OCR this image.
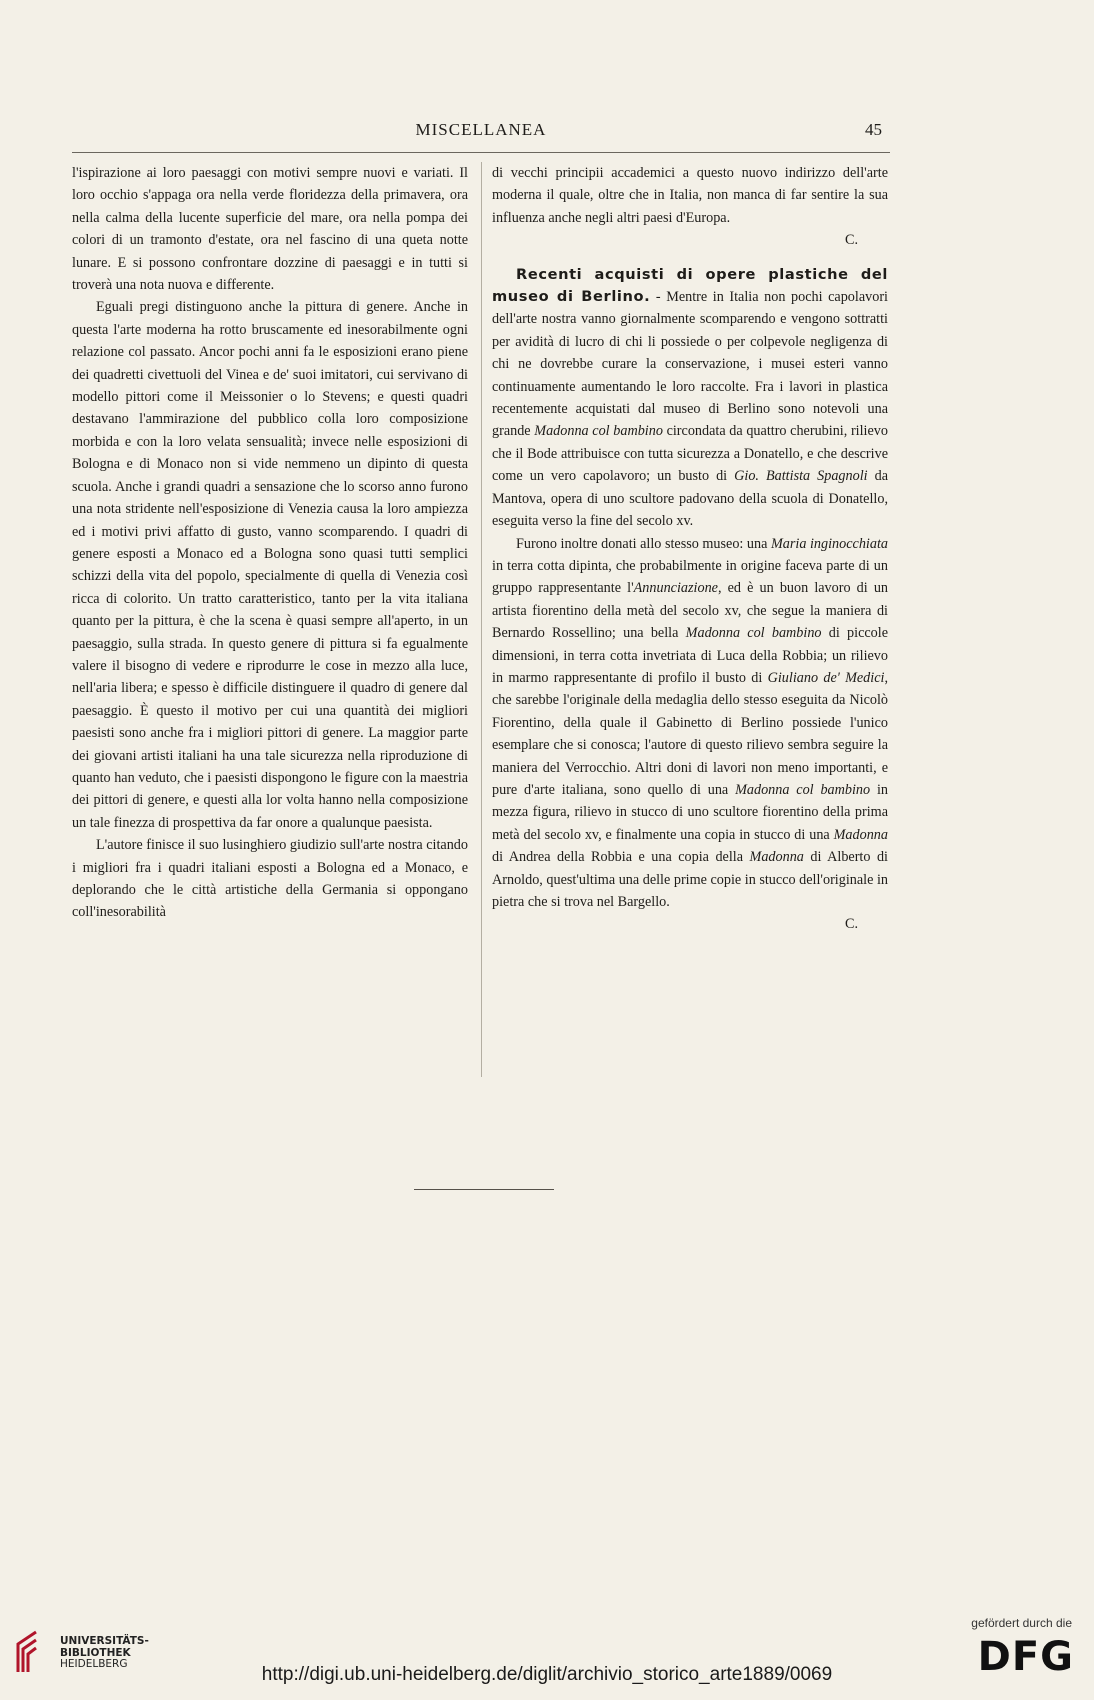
MISCELLANEA	45

l'ispirazione ai loro paesaggi con motivi sempre nuovi e variati. Il loro occhio s'appaga ora nella verde floridezza della primavera, ora nella calma della lucente superficie del mare, ora nella pompa dei colori di un tramonto d'estate, ora nel fascino di una queta notte lunare. E si possono confrontare dozzine di paesaggi e in tutti si troverà una nota nuova e differente.

Eguali pregi distinguono anche la pittura di genere. Anche in questa l'arte moderna ha rotto bruscamente ed inesorabilmente ogni relazione col passato. Ancor pochi anni fa le esposizioni erano piene dei quadretti civettuoli del Vinea e de' suoi imitatori, cui servivano di modello pittori come il Meissonier o lo Stevens; e questi quadri destavano l'ammirazione del pubblico colla loro composizione morbida e con la loro velata sensualità; invece nelle esposizioni di Bologna e di Monaco non si vide nemmeno un dipinto di questa scuola. Anche i grandi quadri a sensazione che lo scorso anno furono una nota stridente nell'esposizione di Venezia causa la loro ampiezza ed i motivi privi affatto di gusto, vanno scomparendo. I quadri di genere esposti a Monaco ed a Bologna sono quasi tutti semplici schizzi della vita del popolo, specialmente di quella di Venezia così ricca di colorito. Un tratto caratteristico, tanto per la vita italiana quanto per la pittura, è che la scena è quasi sempre all'aperto, in un paesaggio, sulla strada. In questo genere di pittura si fa egualmente valere il bisogno di vedere e riprodurre le cose in mezzo alla luce, nell'aria libera; e spesso è difficile distinguere il quadro di genere dal paesaggio. È questo il motivo per cui una quantità dei migliori paesisti sono anche fra i migliori pittori di genere. La maggior parte dei giovani artisti italiani ha una tale sicurezza nella riproduzione di quanto han veduto, che i paesisti dispongono le figure con la maestria dei pittori di genere, e questi alla lor volta hanno nella composizione un tale finezza di prospettiva da far onore a qualunque paesista.

L'autore finisce il suo lusinghiero giudizio sull'arte nostra citando i migliori fra i quadri italiani esposti a Bologna ed a Monaco, e deplorando che le città artistiche della Germania si oppongano coll'inesorabilità

di vecchi principii accademici a questo nuovo indirizzo dell'arte moderna il quale, oltre che in Italia, non manca di far sentire la sua influenza anche negli altri paesi d'Europa.

C.

Recenti acquisti di opere plastiche del museo di Berlino. - Mentre in Italia non pochi capolavori dell'arte nostra vanno giornalmente scomparendo e vengono sottratti per avidità di lucro di chi li possiede o per colpevole negligenza di chi ne dovrebbe curare la conservazione, i musei esteri vanno continuamente aumentando le loro raccolte. Fra i lavori in plastica recentemente acquistati dal museo di Berlino sono notevoli una grande Madonna col bambino circondata da quattro cherubini, rilievo che il Bode attribuisce con tutta sicurezza a Donatello, e che descrive come un vero capolavoro; un busto di Gio. Battista Spagnoli da Mantova, opera di uno scultore padovano della scuola di Donatello, eseguita verso la fine del secolo xv.

Furono inoltre donati allo stesso museo: una Maria inginocchiata in terra cotta dipinta, che probabilmente in origine faceva parte di un gruppo rappresentante l'Annunciazione, ed è un buon lavoro di un artista fiorentino della metà del secolo xv, che segue la maniera di Bernardo Rossellino; una bella Madonna col bambino di piccole dimensioni, in terra cotta invetriata di Luca della Robbia; un rilievo in marmo rappresentante di profilo il busto di Giuliano de' Medici, che sarebbe l'originale della medaglia dello stesso eseguita da Nicolò Fiorentino, della quale il Gabinetto di Berlino possiede l'unico esemplare che si conosca; l'autore di questo rilievo sembra seguire la maniera del Verrocchio. Altri doni di lavori non meno importanti, e pure d'arte italiana, sono quello di una Madonna col bambino in mezza figura, rilievo in stucco di uno scultore fiorentino della prima metà del secolo xv, e finalmente una copia in stucco di una Madonna di Andrea della Robbia e una copia della Madonna di Alberto di Arnoldo, quest'ultima una delle prime copie in stucco dell'originale in pietra che si trova nel Bargello.

C.

UNIVERSITÄTS-
BIBLIOTHEK
HEIDELBERG	http://digi.ub.uni-heidelberg.de/diglit/archivio_storico_arte1889/0069
gefördert durch die
DFG
